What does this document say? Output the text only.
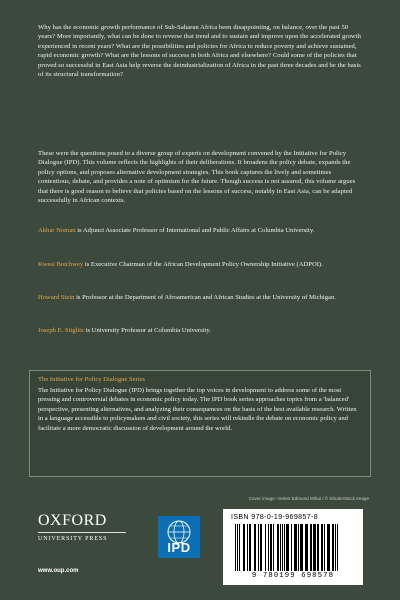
Why has the economic growth performance of Sub-Saharan Africa been disappointing, on balance, over the past 50 years? More importantly, what can be done to reverse that trend and to sustain and improve upon the accelerated growth experienced in recent years? What are the possibilities and policies for Africa to reduce poverty and achieve sustained, rapid economic growth? What are the lessons of success in both Africa and elsewhere? Could some of the policies that proved so successful in East Asia help reverse the deindustrialization of Africa in the past three decades and be the basis of its structural transformation?
These were the questions posed to a diverse group of experts on development convened by the Initiative for Policy Dialogue (IPD). This volume reflects the highlights of their deliberations. It broadens the policy debate, expands the policy options, and proposes alternative development strategies. This book captures the lively and sometimes contentious, debate, and provides a note of optimism for the future. Though success is not assured, this volume argues that there is good reason to believe that policies based on the lessons of success, notably in East Asia, can be adapted successfully in African contexts.
Akbar Noman is Adjunct Associate Professor of International and Public Affairs at Columbia University.
Kwesi Botchwey is Executive Chairman of the African Development Policy Ownership Initiative (ADPOI).
Howard Stein is Professor at the Department of Afroamerican and African Studies at the University of Michigan.
Joseph E. Stiglitz is University Professor at Columbia University.
The Initiative for Policy Dialogue Series
The Initiative for Policy Dialogue (IPD) brings together the top voices in development to address some of the most pressing and controversial debates in economic policy today. The IPD book series approaches topics from a 'balanced' perspective, presenting alternatives, and analyzing their consequences on the basis of the best available research. Written in a language accessible to policymakers and civil society, this series will rekindle the debate on economic policy and facilitate a more democratic discussion of development around the world.
Cover image: Vertes Edmond Mihai / © Shutterstock Image
OXFORD
UNIVERSITY PRESS
www.oup.com
IPD
ISBN 978-0-19-969857-8
9 780199 698578
